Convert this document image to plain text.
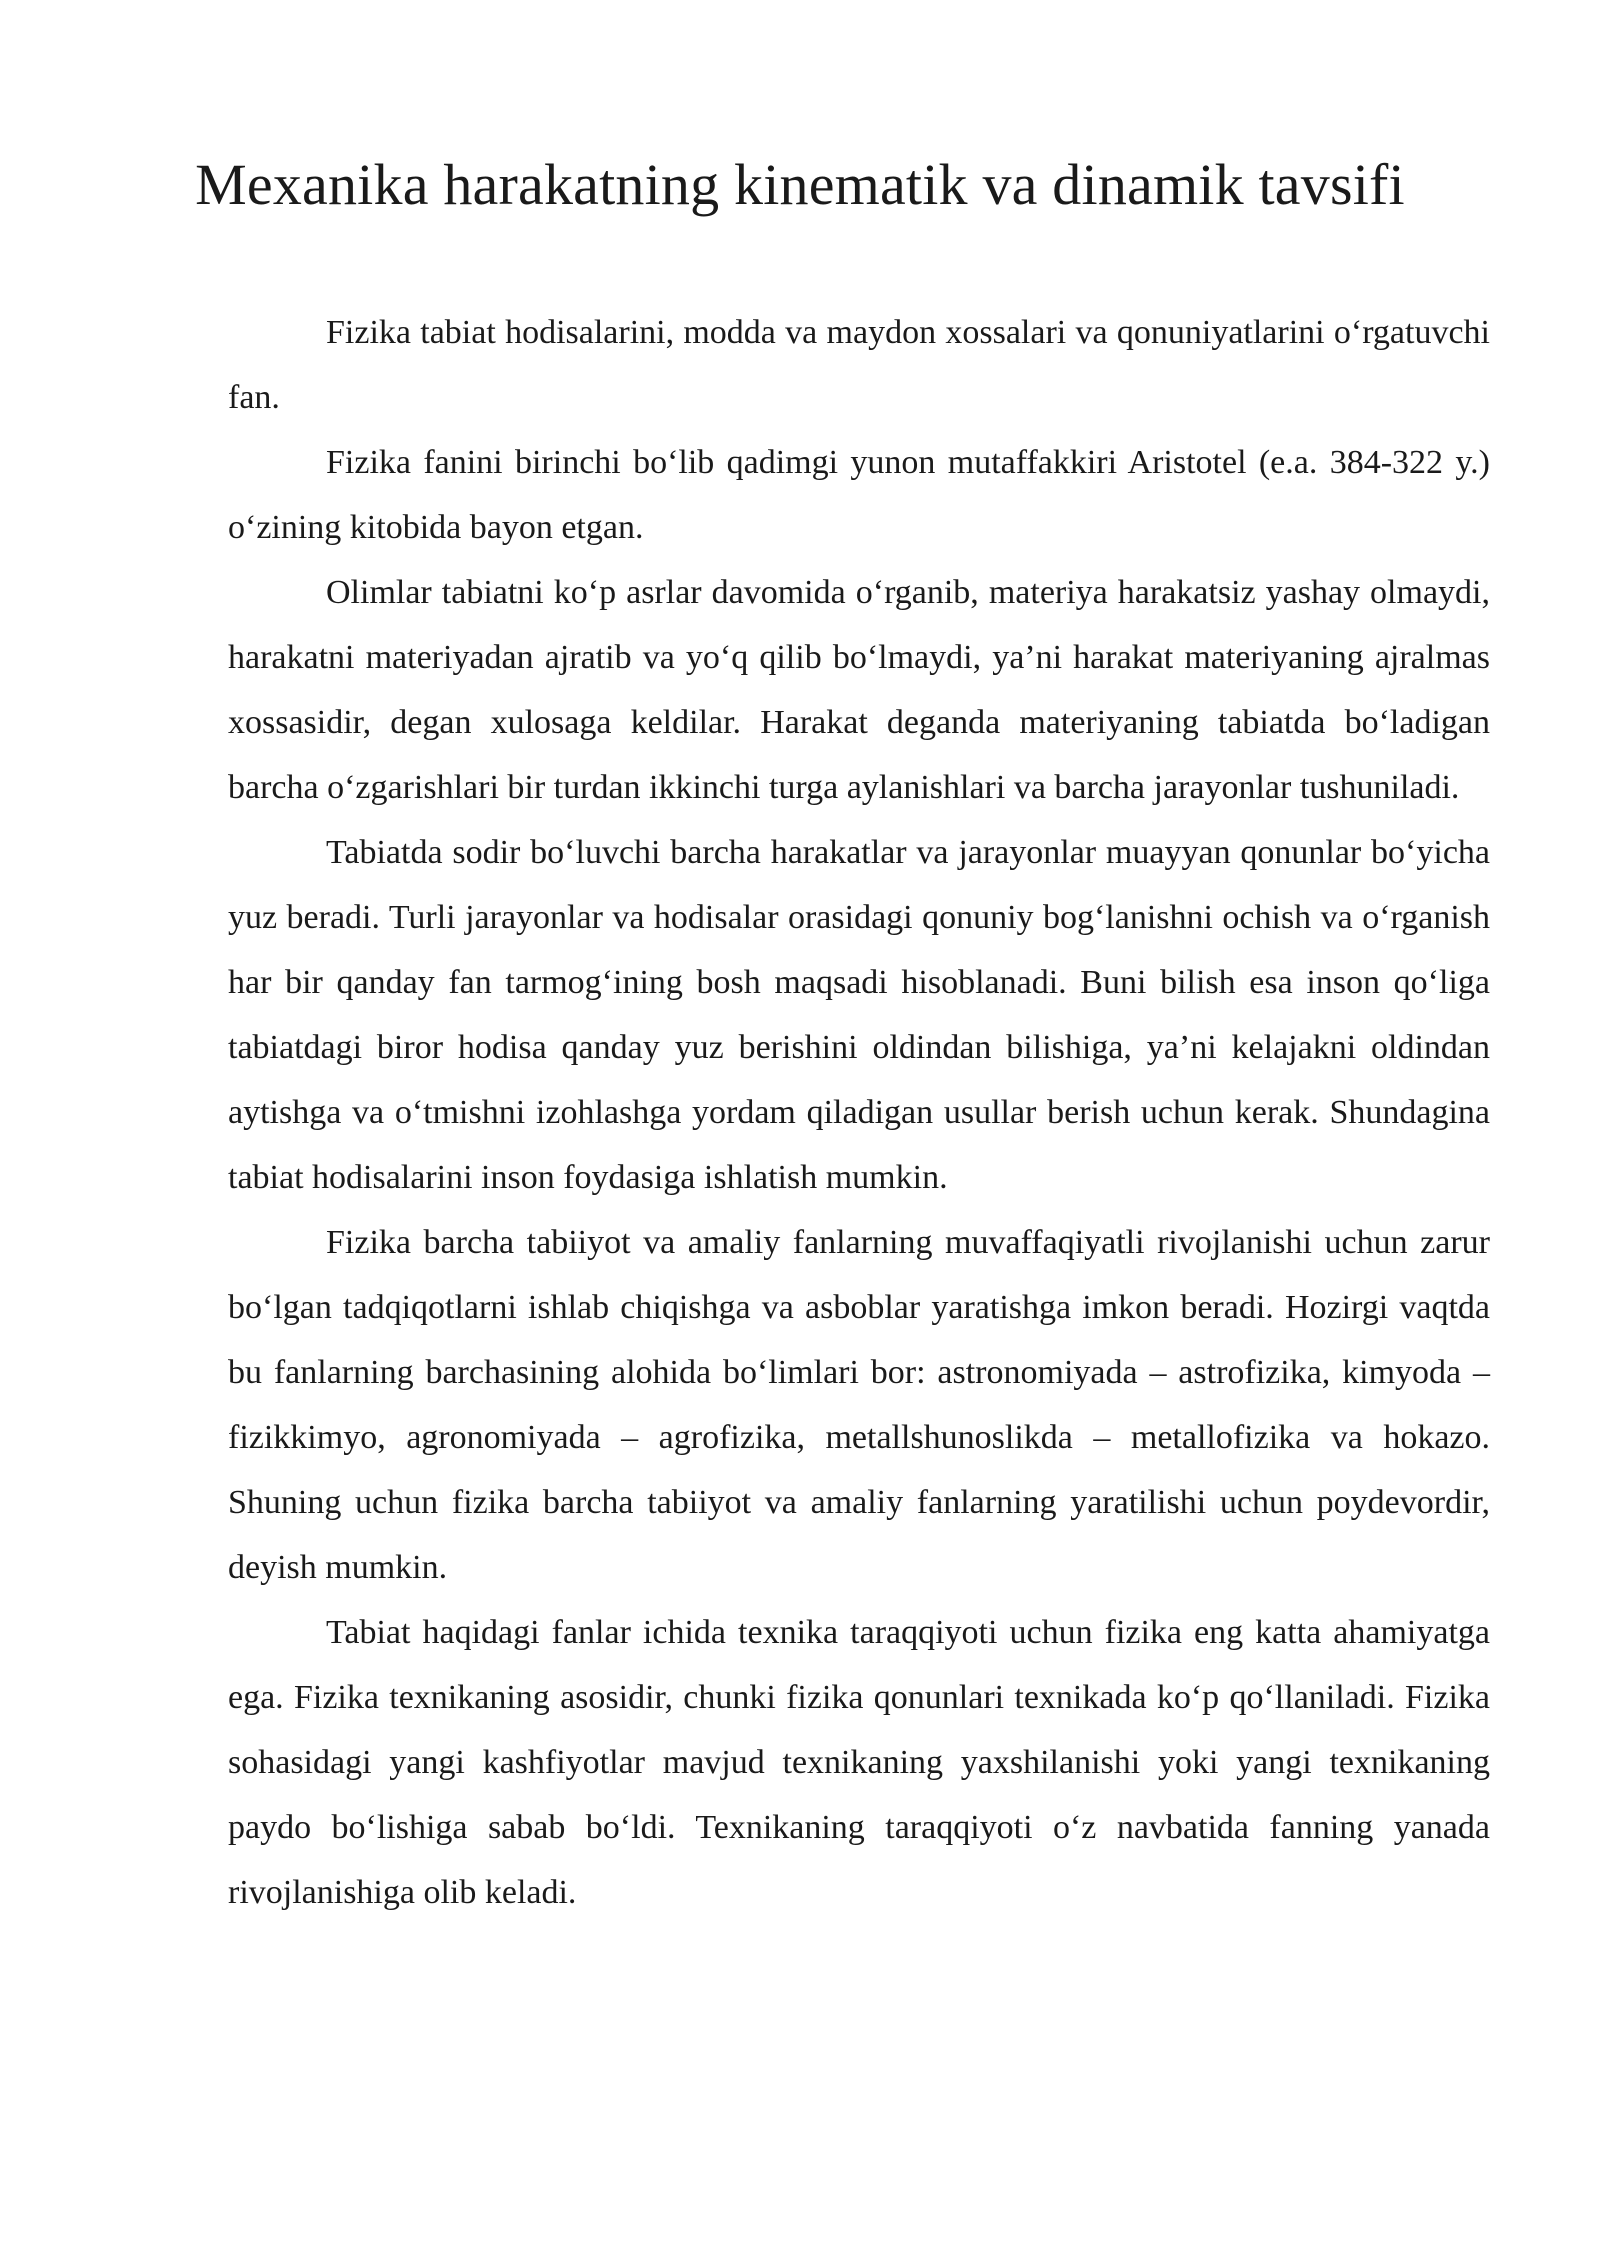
Mexanika harakatning kinematik va dinamik tavsifi

Fizika tabiat hodisalarini, modda va maydon xossalari va qonuniyatlarini o‘rgatuvchi fan.

Fizika fanini birinchi bo‘lib qadimgi yunon mutaffakkiri Aristotel (e.a. 384-322 y.) o‘zining kitobida bayon etgan.

Olimlar tabiatni ko‘p asrlar davomida o‘rganib, materiya harakatsiz yashay olmaydi, harakatni materiyadan ajratib va yo‘q qilib bo‘lmaydi, ya’ni harakat materiyaning ajralmas xossasidir, degan xulosaga keldilar. Harakat deganda materiyaning tabiatda bo‘ladigan barcha o‘zgarishlari bir turdan ikkinchi turga aylanishlari va barcha jarayonlar tushuniladi.

Tabiatda sodir bo‘luvchi barcha harakatlar va jarayonlar muayyan qonunlar bo‘yicha yuz beradi. Turli jarayonlar va hodisalar orasidagi qonuniy bog‘lanishni ochish va o‘rganish har bir qanday fan tarmog‘ining bosh maqsadi hisoblanadi. Buni bilish esa inson qo‘liga tabiatdagi biror hodisa qanday yuz berishini oldindan bilishiga, ya’ni kelajakni oldindan aytishga va o‘tmishni izohlashga yordam qiladigan usullar berish uchun kerak. Shundagina tabiat hodisalarini inson foydasiga ishlatish mumkin.

Fizika barcha tabiiyot va amaliy fanlarning muvaffaqiyatli rivojlanishi uchun zarur bo‘lgan tadqiqotlarni ishlab chiqishga va asboblar yaratishga imkon beradi. Hozirgi vaqtda bu fanlarning barchasining alohida bo‘limlari bor: astronomiyada – astrofizika, kimyoda – fizikkimyo, agronomiyada – agrofizika, metallshunoslikda – metallofizika va hokazo. Shuning uchun fizika barcha tabiiyot va amaliy fanlarning yaratilishi uchun poydevordir, deyish mumkin.

Tabiat haqidagi fanlar ichida texnika taraqqiyoti uchun fizika eng katta ahamiyatga ega. Fizika texnikaning asosidir, chunki fizika qonunlari texnikada ko‘p qo‘llaniladi. Fizika sohasidagi yangi kashfiyotlar mavjud texnikaning yaxshilanishi yoki yangi texnikaning paydo bo‘lishiga sabab bo‘ldi. Texnikaning taraqqiyoti o‘z navbatida fanning yanada rivojlanishiga olib keladi.
